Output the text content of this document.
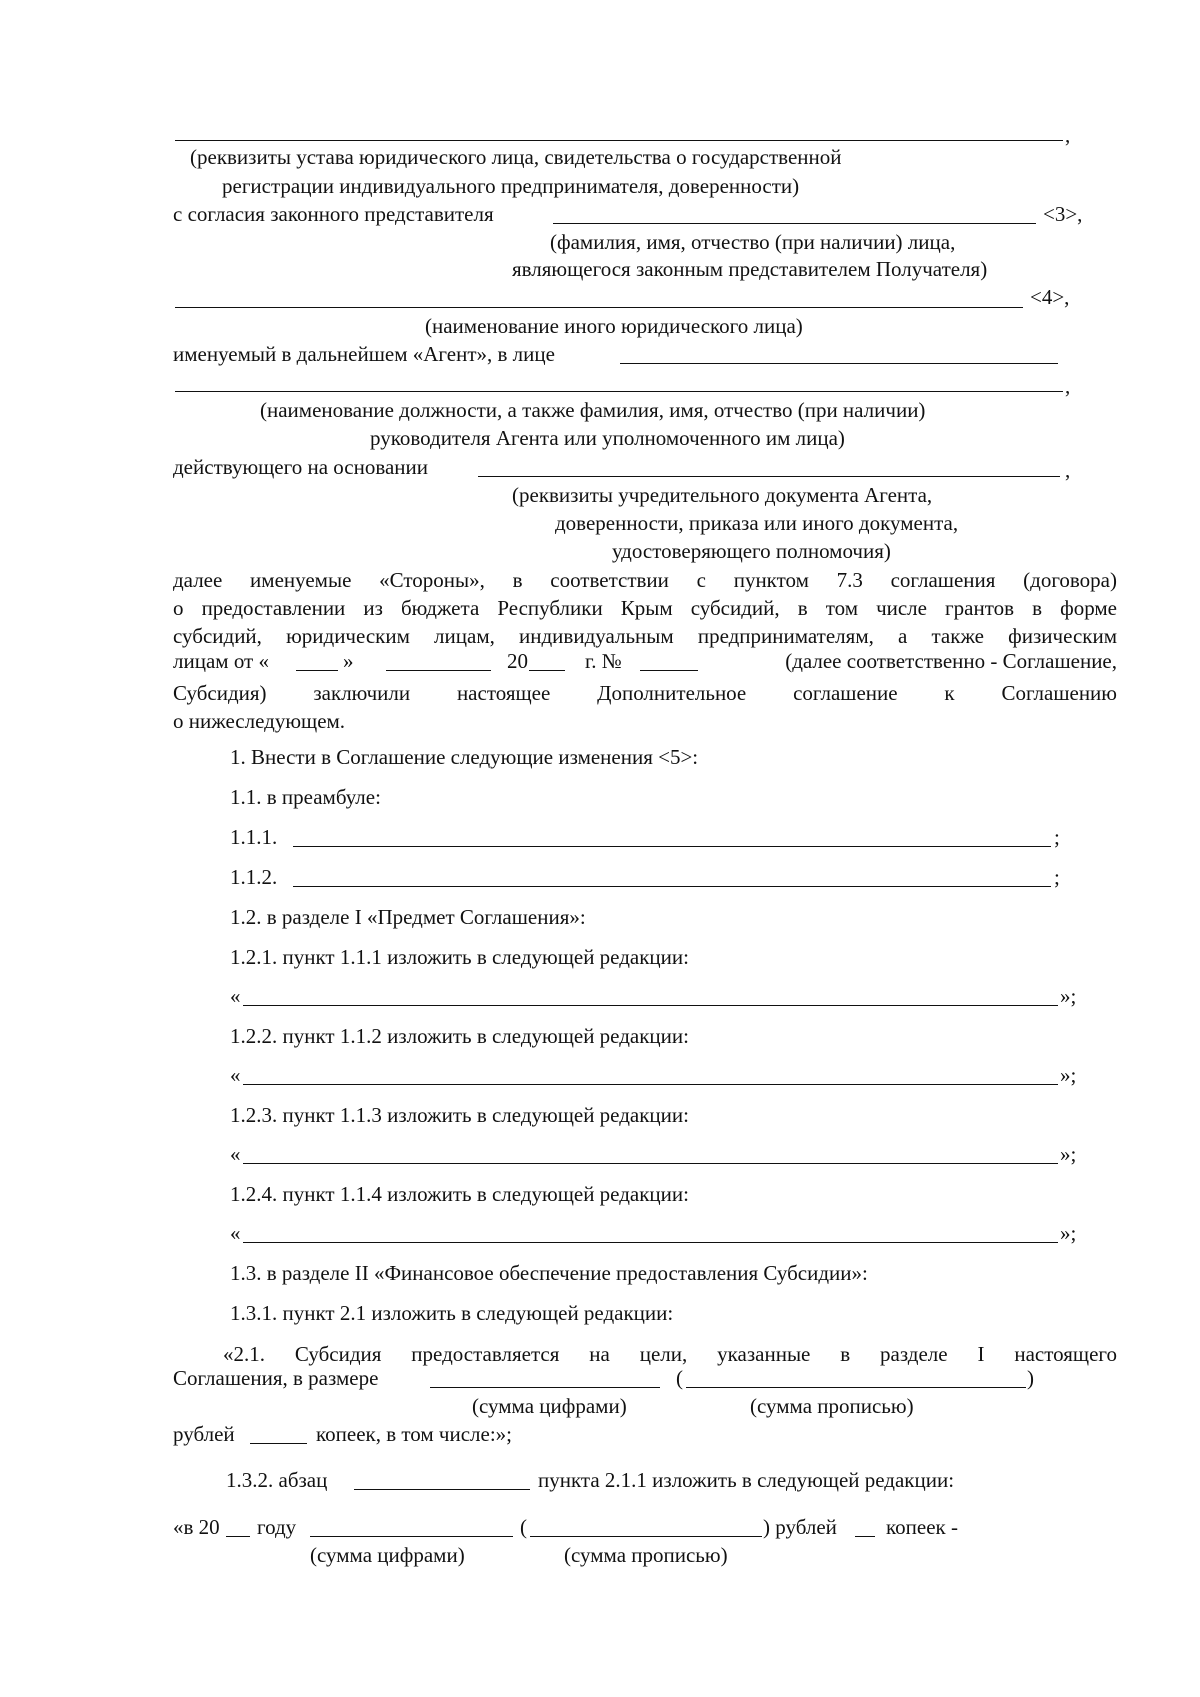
,
(реквизиты устава юридического лица, свидетельства о государственной
регистрации индивидуального предпринимателя, доверенности)
с согласия законного представителя	<3>,
(фамилия, имя, отчество (при наличии) лица,
являющегося законным представителем Получателя)
<4>,
(наименование иного юридического лица)
именуемый в дальнейшем «Агент», в лице
,
(наименование должности, а также фамилия, имя, отчество (при наличии)
руководителя Агента или уполномоченного им лица)
действующего на основании	,
(реквизиты учредительного документа Агента,
доверенности, приказа или иного документа,
удостоверяющего полномочия)
далее именуемые «Стороны», в соответствии с пунктом 7.3 соглашения (договора)
о предоставлении из бюджета Республики Крым субсидий, в том числе грантов в форме
субсидий, юридическим лицам, индивидуальным предпринимателям, а также физическим
лицам от «	»	20	г. №	(далее соответственно - Соглашение,
Субсидия) заключили настоящее Дополнительное соглашение к Соглашению
о нижеследующем.
1. Внести в Соглашение следующие изменения <5>:
1.1. в преамбуле:
1.1.1.	;
1.1.2.	;
1.2. в разделе I «Предмет Соглашения»:
1.2.1. пункт 1.1.1 изложить в следующей редакции:
«	»;
1.2.2. пункт 1.1.2 изложить в следующей редакции:
«	»;
1.2.3. пункт 1.1.3 изложить в следующей редакции:
«	»;
1.2.4. пункт 1.1.4 изложить в следующей редакции:
«	»;
1.3. в разделе II «Финансовое обеспечение предоставления Субсидии»:
1.3.1. пункт 2.1 изложить в следующей редакции:
«2.1. Субсидия предоставляется на цели, указанные в разделе I настоящего
Соглашения, в размере	(	)
(сумма цифрами)	(сумма прописью)
рублей	копеек, в том числе:»;
1.3.2. абзац	пункта 2.1.1 изложить в следующей редакции:
«в 20 году	(	) рублей копеек -
(сумма цифрами)	(сумма прописью)
